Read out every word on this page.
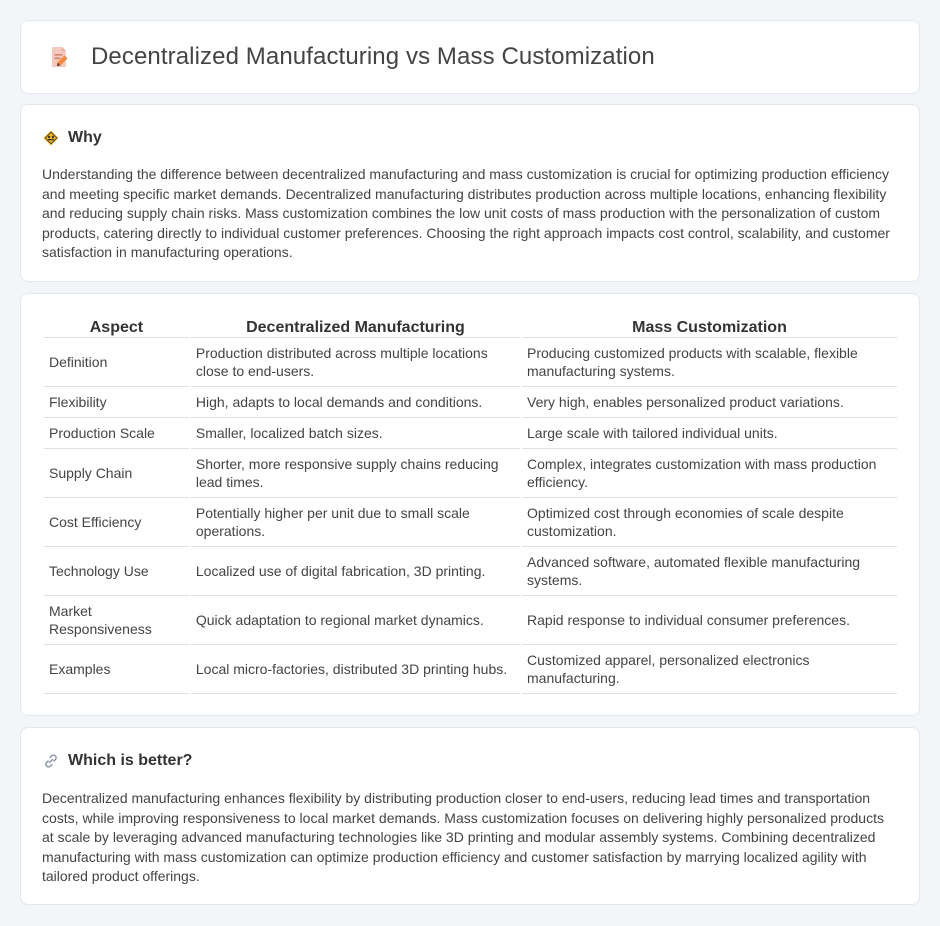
Decentralized Manufacturing vs Mass Customization
Why

Understanding the difference between decentralized manufacturing and mass customization is crucial for optimizing production efficiency and meeting specific market demands. Decentralized manufacturing distributes production across multiple locations, enhancing flexibility and reducing supply chain risks. Mass customization combines the low unit costs of mass production with the personalization of custom products, catering directly to individual customer preferences. Choosing the right approach impacts cost control, scalability, and customer satisfaction in manufacturing operations.

Aspect	Decentralized Manufacturing	Mass Customization
Definition	Production distributed across multiple locations close to end-users.	Producing customized products with scalable, flexible manufacturing systems.
Flexibility	High, adapts to local demands and conditions.	Very high, enables personalized product variations.
Production Scale	Smaller, localized batch sizes.	Large scale with tailored individual units.
Supply Chain	Shorter, more responsive supply chains reducing lead times.	Complex, integrates customization with mass production efficiency.
Cost Efficiency	Potentially higher per unit due to small scale operations.	Optimized cost through economies of scale despite customization.
Technology Use	Localized use of digital fabrication, 3D printing.	Advanced software, automated flexible manufacturing systems.
Market Responsiveness	Quick adaptation to regional market dynamics.	Rapid response to individual consumer preferences.
Examples	Local micro-factories, distributed 3D printing hubs.	Customized apparel, personalized electronics manufacturing.
Which is better?

Decentralized manufacturing enhances flexibility by distributing production closer to end-users, reducing lead times and transportation costs, while improving responsiveness to local market demands. Mass customization focuses on delivering highly personalized products at scale by leveraging advanced manufacturing technologies like 3D printing and modular assembly systems. Combining decentralized manufacturing with mass customization can optimize production efficiency and customer satisfaction by marrying localized agility with tailored product offerings.
